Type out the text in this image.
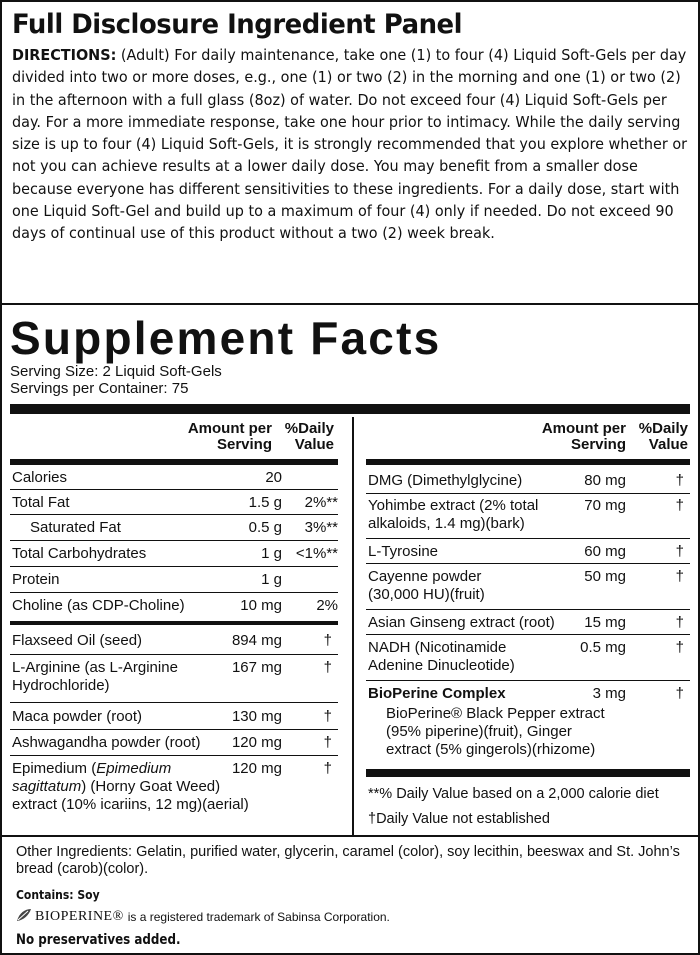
Full Disclosure Ingredient Panel
DIRECTIONS: (Adult) For daily maintenance, take one (1) to four (4) Liquid Soft-Gels per day divided into two or more doses, e.g., one (1) or two (2) in the morning and one (1) or two (2) in the afternoon with a full glass (8oz) of water. Do not exceed four (4) Liquid Soft-Gels per day. For a more immediate response, take one hour prior to intimacy. While the daily serving size is up to four (4) Liquid Soft-Gels, it is strongly recommended that you explore whether or not you can achieve results at a lower daily dose. You may benefit from a smaller dose because everyone has different sensitivities to these ingredients. For a daily dose, start with one Liquid Soft-Gel and build up to a maximum of four (4) only if needed. Do not exceed 90 days of continual use of this product without a two (2) week break.
Supplement Facts
Serving Size: 2 Liquid Soft-Gels
Servings per Container: 75
Amount per Serving
%Daily Value
Calories	20
Total Fat	1.5 g	2%**
Saturated Fat	0.5 g	3%**
Total Carbohydrates	1 g <1%**
Protein	1 g
Choline (as CDP-Choline)	10 mg	2%
Flaxseed Oil (seed)	894 mg	†
L-Arginine (as L-Arginine
Hydrochloride)
167 mg	†
Maca powder (root)	130 mg	†
Ashwagandha powder (root)	120 mg	†
Epimedium (Epimedium
sagittatum) (Horny Goat Weed)
extract (10% icariins, 12 mg)(aerial)
120 mg	†
Amount per Serving
%Daily Value
DMG (Dimethylglycine)	80 mg	†
Yohimbe extract (2% total
alkaloids, 1.4 mg)(bark)
70 mg	†
L-Tyrosine	60 mg	†
Cayenne powder
(30,000 HU)(fruit)
50 mg	†
Asian Ginseng extract (root)	15 mg	†
NADH (Nicotinamide
Adenine Dinucleotide)
0.5 mg	†
BioPerine Complex	3 mg	†
BioPerine® Black Pepper extract
(95% piperine)(fruit), Ginger
extract (5% gingerols)(rhizome)
**% Daily Value based on a 2,000 calorie diet
†Daily Value not established
Other Ingredients: Gelatin, purified water, glycerin, caramel (color), soy lecithin, beeswax and St. John’s bread (carob)(color).
Contains: Soy
BIOPERINE® is a registered trademark of Sabinsa Corporation.
No preservatives added.
